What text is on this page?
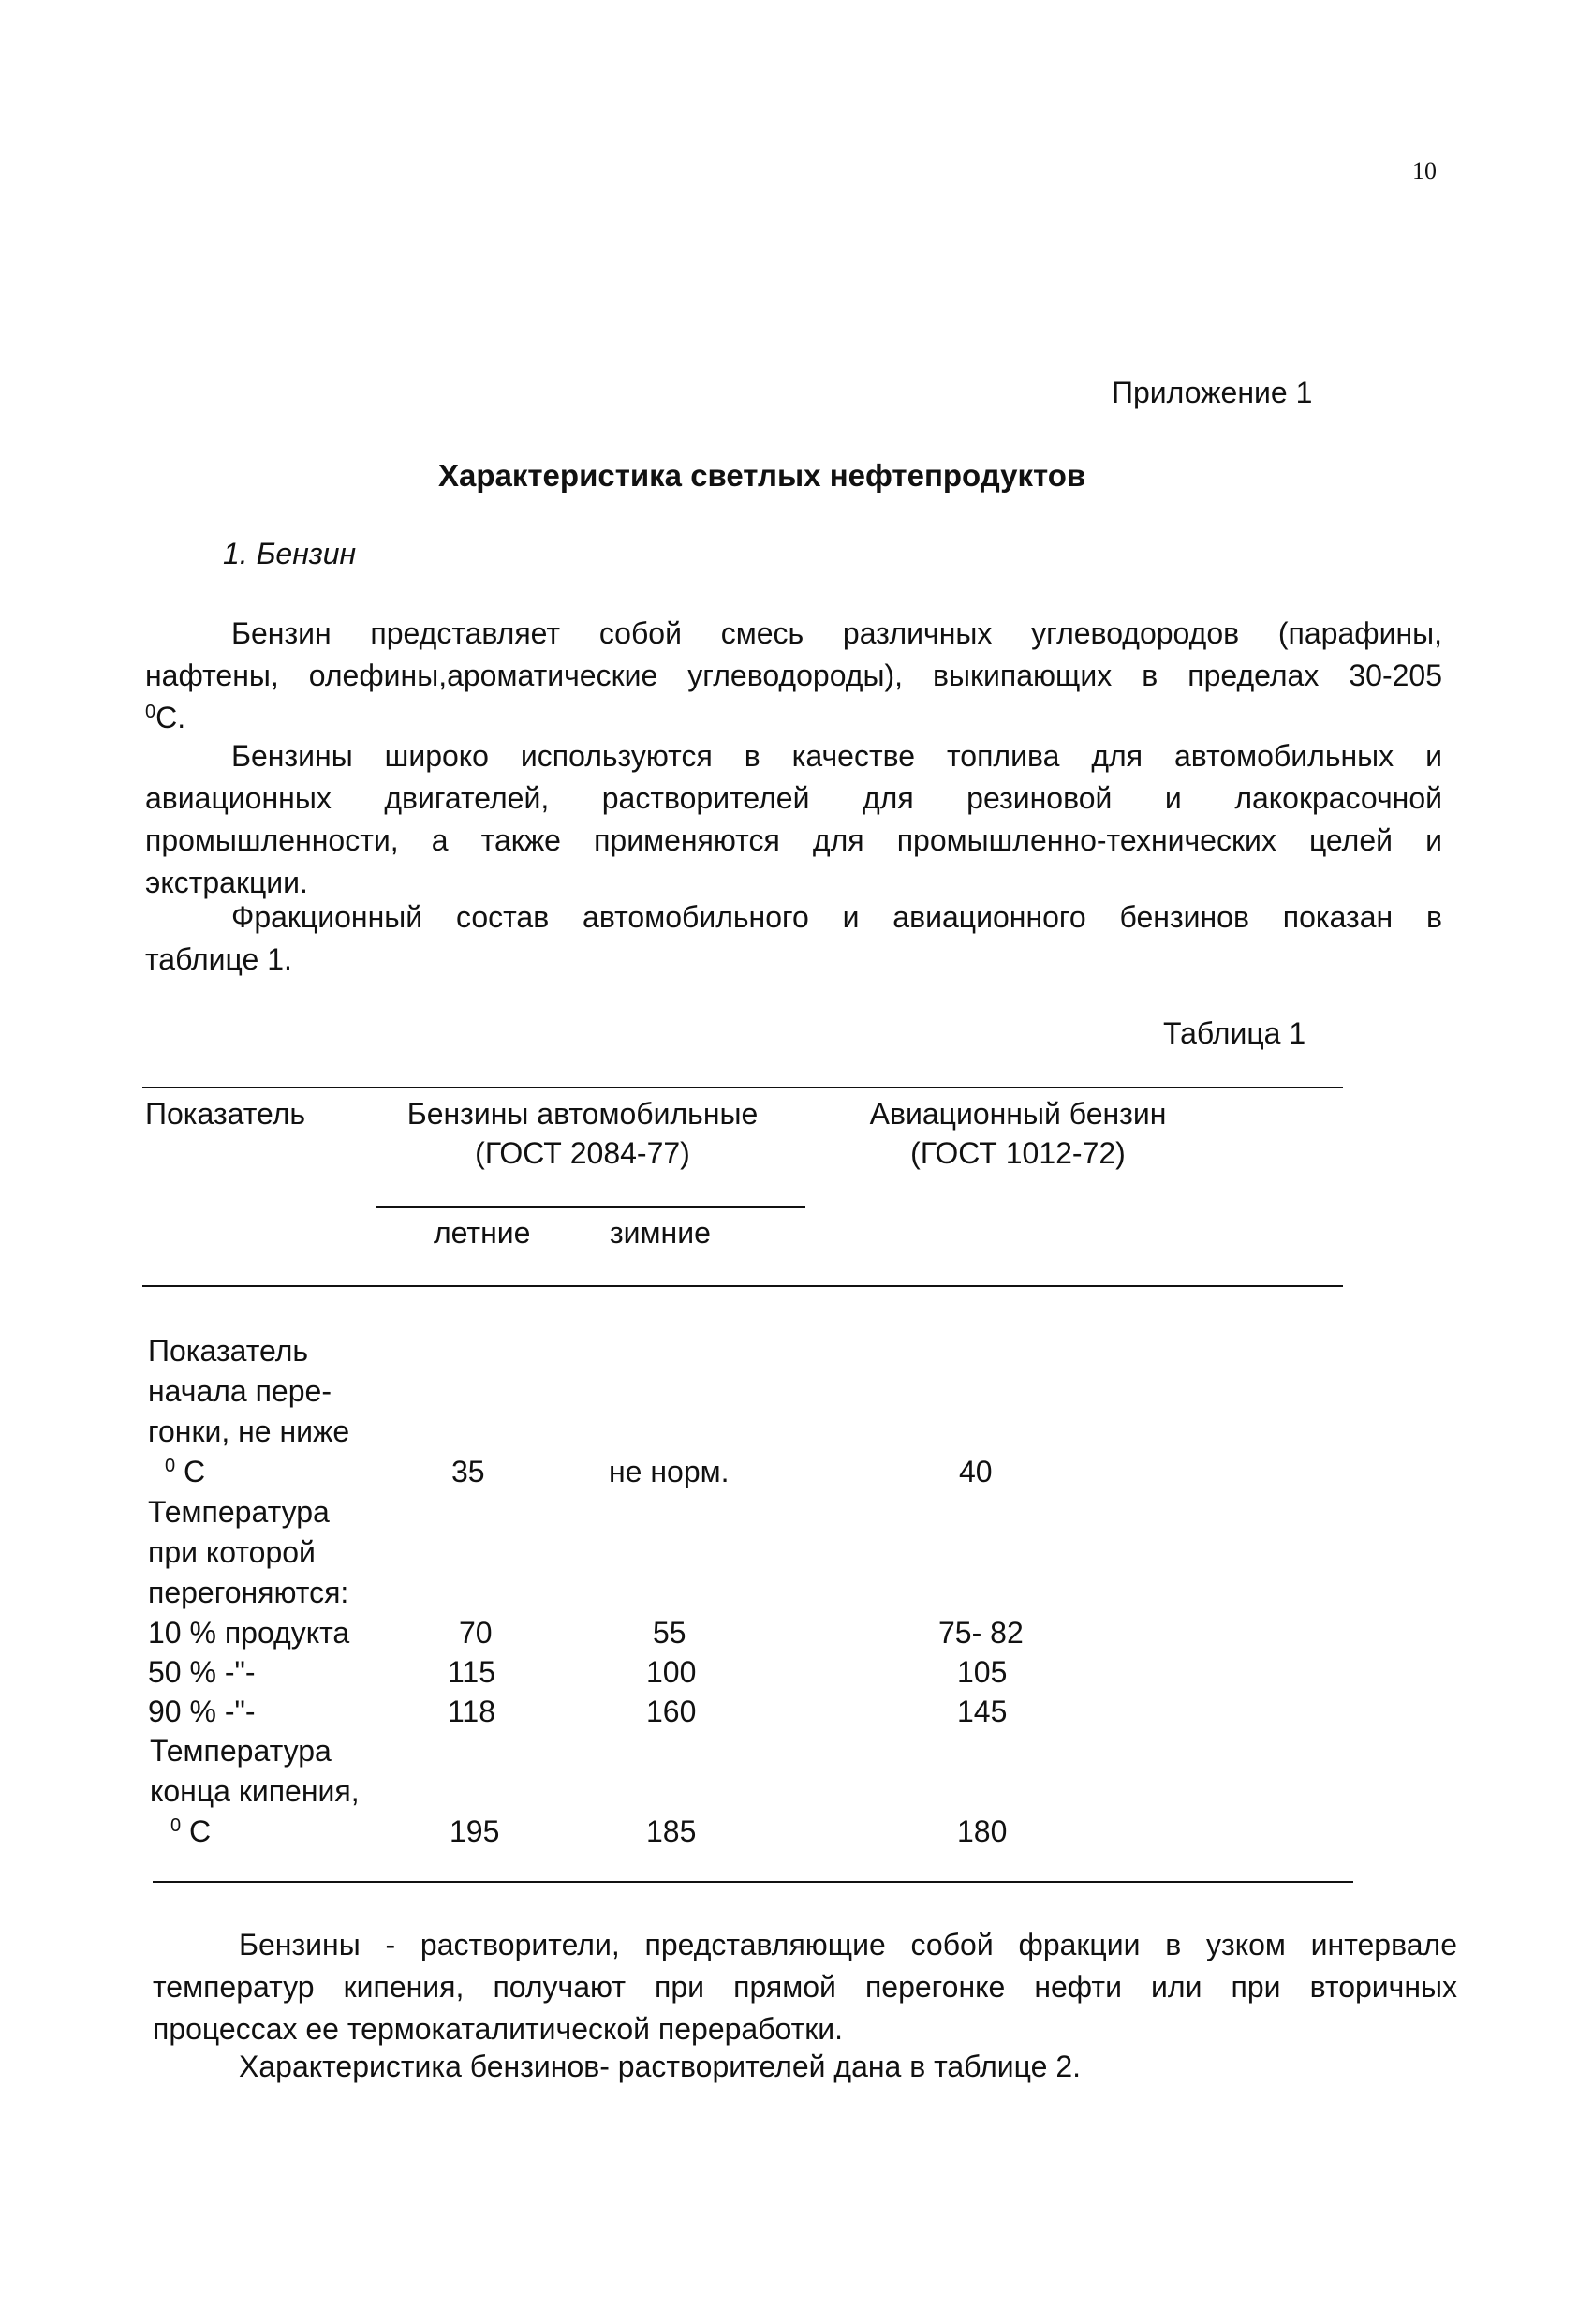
10
Приложение 1
Характеристика светлых нефтепродуктов
1. Бензин
Бензин представляет собой смесь различных углеводородов (парафины,
нафтены, олефины,ароматические углеводороды), выкипающих в пределах 30-205
$^0$С.
Бензины широко используются в качестве топлива для автомобильных и
авиационных двигателей, растворителей для резиновой и лакокрасочной
промышленности, а также применяются для промышленно-технических целей и
экстракции.
Фракционный состав автомобильного и авиационного бензинов показан в
таблице 1.
Таблица 1
Показатель	Бензины автомобильные
(ГОСТ 2084-77)
Авиационный бензин
(ГОСТ 1012-72)
летние	зимние
Показатель
начала пере-
гонки, не ниже
$^0$ С	35	не норм.	40
Температура
при которой
перегоняются:
10 % продукта	70	55	75- 82
50 % -"-	115	100	105
90 % -"-	118	160	145
Температура
конца кипения,
$^0$ С	195	185	180
Бензины - растворители, представляющие собой фракции в узком интервале
температур кипения, получают при прямой перегонке нефти или при вторичных
процессах ее термокаталитической переработки.
Характеристика бензинов- растворителей дана в таблице 2.
